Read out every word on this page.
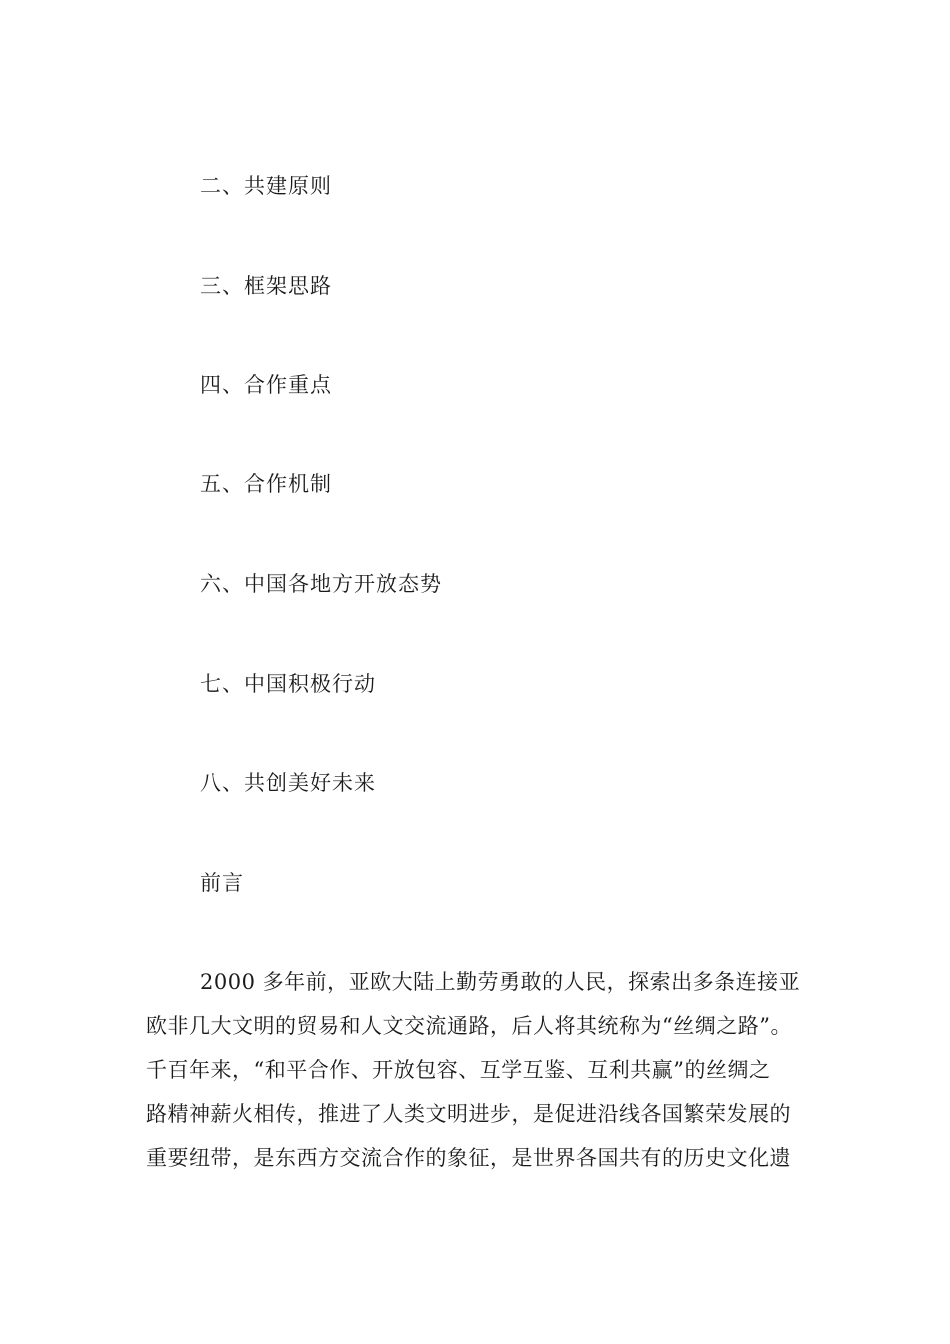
二、共建原则
三、框架思路
四、合作重点
五、合作机制
六、中国各地方开放态势
七、中国积极行动
八、共创美好未来
前言
2000 多年前，亚欧大陆上勤劳勇敢的人民，探索出多条连接亚
欧非几大文明的贸易和人文交流通路，后人将其统称为“丝绸之路”。
千百年来，“和平合作、开放包容、互学互鉴、互利共赢”的丝绸之
路精神薪火相传，推进了人类文明进步，是促进沿线各国繁荣发展的
重要纽带，是东西方交流合作的象征，是世界各国共有的历史文化遗
